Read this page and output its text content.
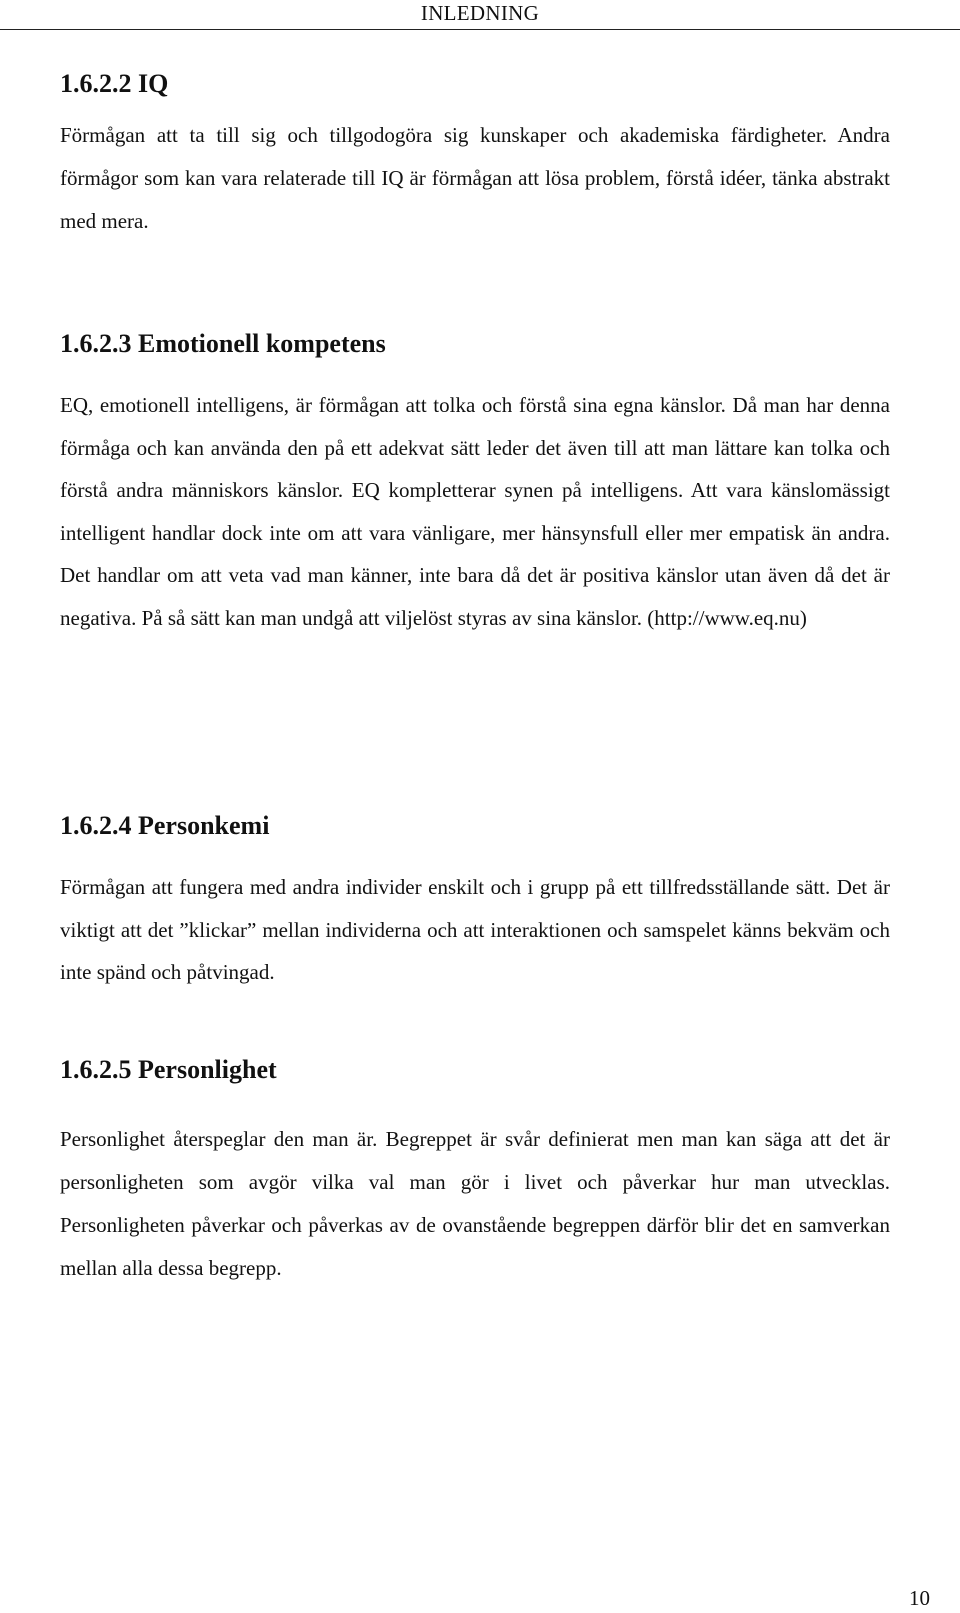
INLEDNING
1.6.2.2 IQ

Förmågan att ta till sig och tillgodogöra sig kunskaper och akademiska färdigheter. Andra förmågor som kan vara relaterade till IQ är förmågan att lösa problem, förstå idéer, tänka abstrakt med mera.

1.6.2.3 Emotionell kompetens

EQ, emotionell intelligens, är förmågan att tolka och förstå sina egna känslor. Då man har denna förmåga och kan använda den på ett adekvat sätt leder det även till att man lättare kan tolka och förstå andra människors känslor. EQ kompletterar synen på intelligens. Att vara känslomässigt intelligent handlar dock inte om att vara vänligare, mer hänsynsfull eller mer empatisk än andra. Det handlar om att veta vad man känner, inte bara då det är positiva känslor utan även då det är negativa. På så sätt kan man undgå att viljelöst styras av sina känslor. (http://www.eq.nu)

1.6.2.4 Personkemi

Förmågan att fungera med andra individer enskilt och i grupp på ett tillfredsställande sätt. Det är viktigt att det ”klickar” mellan individerna och att interaktionen och samspelet känns bekväm och inte spänd och påtvingad.

1.6.2.5 Personlighet

Personlighet återspeglar den man är. Begreppet är svår definierat men man kan säga att det är personligheten som avgör vilka val man gör i livet och påverkar hur man utvecklas. Personligheten påverkar och påverkas av de ovanstående begreppen därför blir det en samverkan mellan alla dessa begrepp.

10
